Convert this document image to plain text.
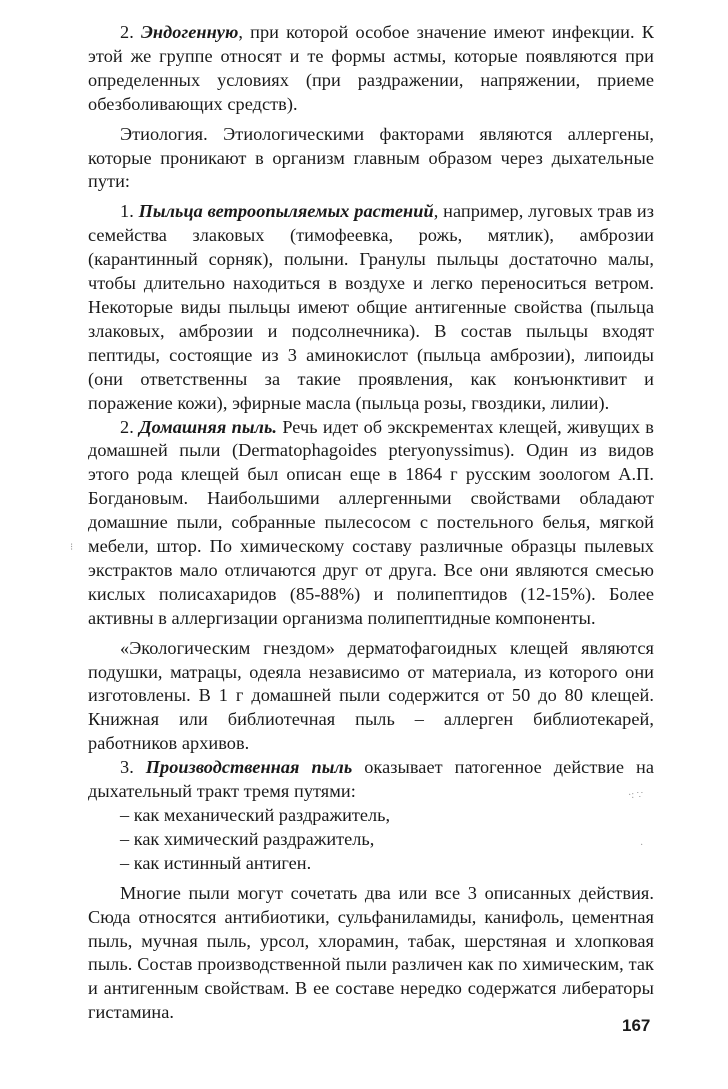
2. Эндогенную, при которой особое значение имеют инфекции. К этой же группе относят и те формы астмы, которые появляются при определенных условиях (при раздражении, напряжении, приеме обезболивающих средств).

Этиология. Этиологическими факторами являются аллергены, которые проникают в организм главным образом через дыхательные пути:

1. Пыльца ветроопыляемых растений, например, луговых трав из семейства злаковых (тимофеевка, рожь, мятлик), амброзии (карантинный сорняк), полыни. Гранулы пыльцы достаточно малы, чтобы длительно находиться в воздухе и легко переноситься ветром. Некоторые виды пыльцы имеют общие антигенные свойства (пыльца злаковых, амброзии и подсолнечника). В состав пыльцы входят пептиды, состоящие из 3 аминокислот (пыльца амброзии), липоиды (они ответственны за такие проявления, как конъюнктивит и поражение кожи), эфирные масла (пыльца розы, гвоздики, лилии).

2. Домашняя пыль. Речь идет об экскрементах клещей, живущих в домашней пыли (Dermatophagoides pteryonyssimus). Один из видов этого рода клещей был описан еще в 1864 г русским зоологом А.П. Богдановым. Наибольшими аллергенными свойствами обладают домашние пыли, собранные пылесосом с постельного белья, мягкой мебели, штор. По химическому составу различные образцы пылевых экстрактов мало отличаются друг от друга. Все они являются смесью кислых полисахаридов (85-88%) и полипептидов (12-15%). Более активны в аллергизации организма полипептидные компоненты.

«Экологическим гнездом» дерматофагоидных клещей являются подушки, матрацы, одеяла независимо от материала, из которого они изготовлены. В 1 г домашней пыли содержится от 50 до 80 клещей. Книжная или библиотечная пыль – аллерген библиотекарей, работников архивов.

3. Производственная пыль оказывает патогенное действие на дыхательный тракт тремя путями:

– как механический раздражитель,

– как химический раздражитель,

– как истинный антиген.

Многие пыли могут сочетать два или все 3 описанных действия. Сюда относятся антибиотики, сульфаниламиды, канифоль, цементная пыль, мучная пыль, урсол, хлорамин, табак, шерстяная и хлопковая пыль. Состав производственной пыли различен как по химическим, так и антигенным свойствам. В ее составе нередко содержатся либераторы гистамина.

167
⁝
·: ∵
·
